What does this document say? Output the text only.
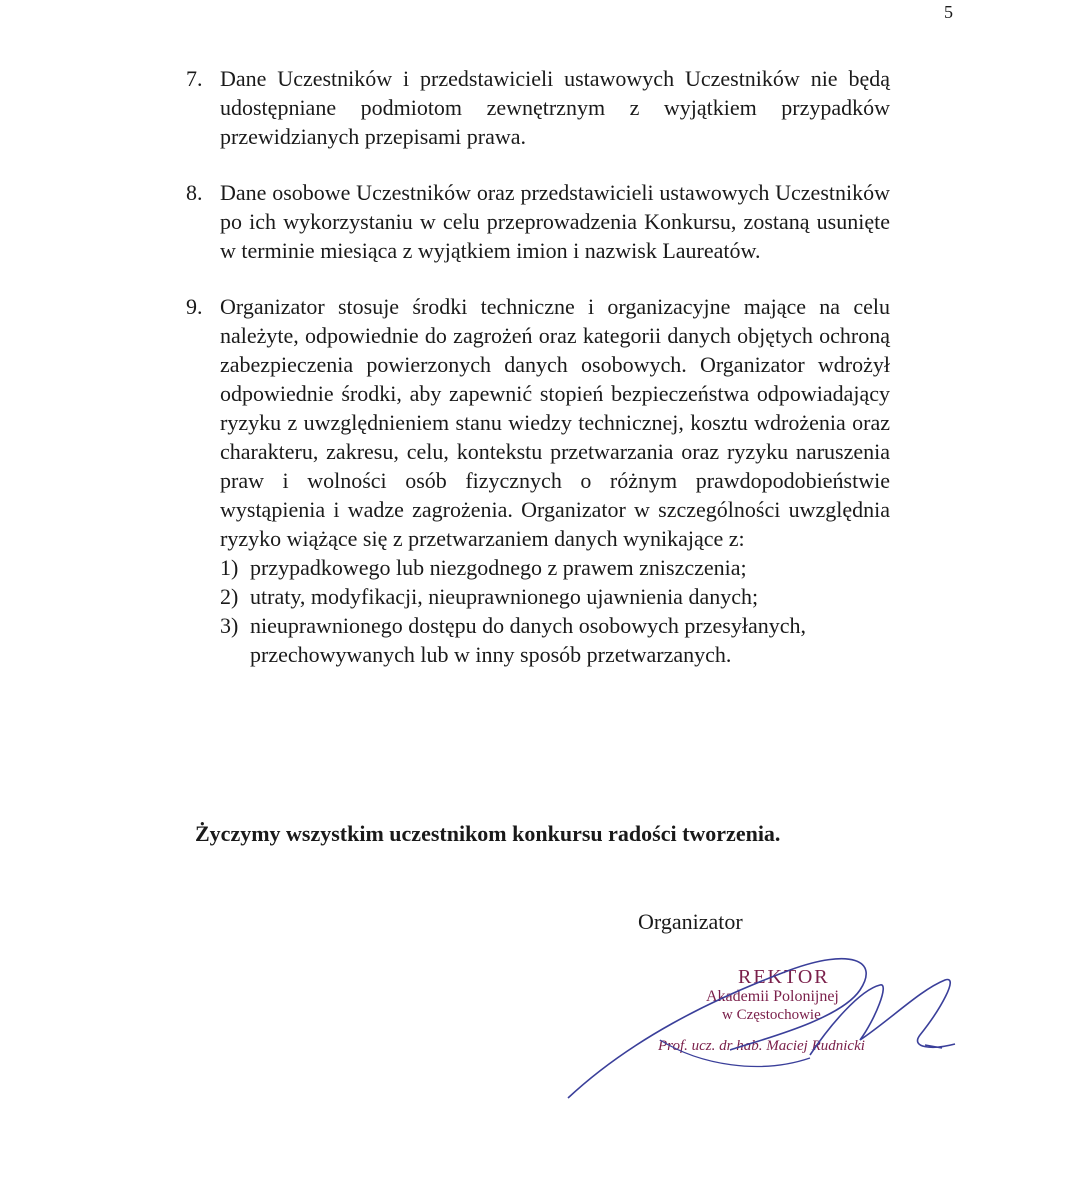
5
7. Dane Uczestników i przedstawicieli ustawowych Uczestników nie będą udostępniane podmiotom zewnętrznym z wyjątkiem przypadków przewidzianych przepisami prawa.
8. Dane osobowe Uczestników oraz przedstawicieli ustawowych Uczestników po ich wykorzystaniu w celu przeprowadzenia Konkursu, zostaną usunięte w terminie miesiąca z wyjątkiem imion i nazwisk Laureatów.
9. Organizator stosuje środki techniczne i organizacyjne mające na celu należyte, odpowiednie do zagrożeń oraz kategorii danych objętych ochroną zabezpieczenia powierzonych danych osobowych. Organizator wdrożył odpowiednie środki, aby zapewnić stopień bezpieczeństwa odpowiadający ryzyku z uwzględnieniem stanu wiedzy technicznej, kosztu wdrożenia oraz charakteru, zakresu, celu, kontekstu przetwarzania oraz ryzyku naruszenia praw i wolności osób fizycznych o różnym prawdopodobieństwie wystąpienia i wadze zagrożenia. Organizator w szczególności uwzględnia ryzyko wiążące się z przetwarzaniem danych wynikające z:
1) przypadkowego lub niezgodnego z prawem zniszczenia;
2) utraty, modyfikacji, nieuprawnionego ujawnienia danych;
3) nieuprawnionego dostępu do danych osobowych przesyłanych, przechowywanych lub w inny sposób przetwarzanych.
Życzymy wszystkim uczestnikom konkursu radości tworzenia.
Organizator
REKTOR
Akademii Polonijnej
w Częstochowie
Prof. ucz. dr hab. Maciej Rudnicki
